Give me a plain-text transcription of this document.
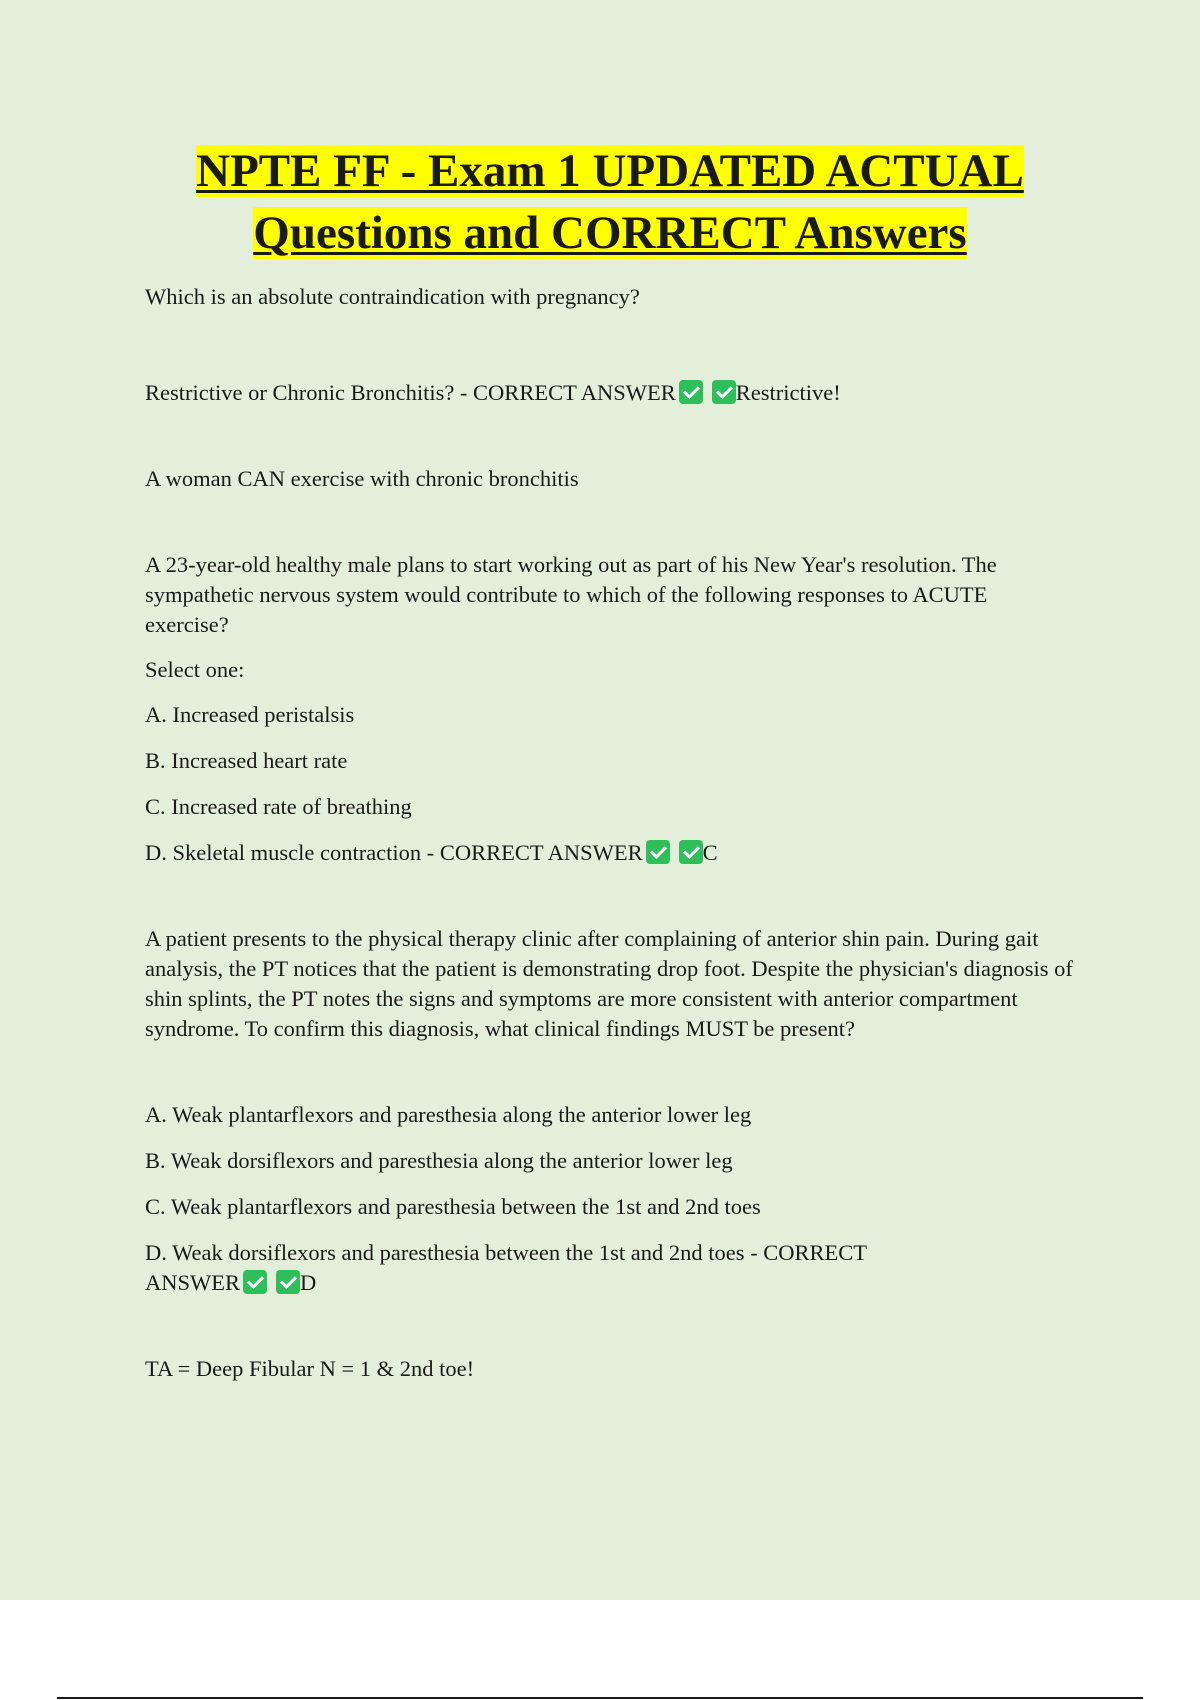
NPTE FF - Exam 1 UPDATED ACTUAL
Questions and CORRECT Answers

Which is an absolute contraindication with pregnancy?

Restrictive or Chronic Bronchitis? - CORRECT ANSWER	Restrictive!

A woman CAN exercise with chronic bronchitis

A 23-year-old healthy male plans to start working out as part of his New Year's resolution. The sympathetic nervous system would contribute to which of the following responses to ACUTE exercise?

Select one:

A. Increased peristalsis

B. Increased heart rate

C. Increased rate of breathing

D. Skeletal muscle contraction - CORRECT ANSWER	C

A patient presents to the physical therapy clinic after complaining of anterior shin pain. During gait analysis, the PT notices that the patient is demonstrating drop foot. Despite the physician's diagnosis of shin splints, the PT notes the signs and symptoms are more consistent with anterior compartment syndrome. To confirm this diagnosis, what clinical findings MUST be present?

A. Weak plantarflexors and paresthesia along the anterior lower leg

B. Weak dorsiflexors and paresthesia along the anterior lower leg

C. Weak plantarflexors and paresthesia between the 1st and 2nd toes

D. Weak dorsiflexors and paresthesia between the 1st and 2nd toes - CORRECT ANSWER	D

TA = Deep Fibular N = 1 & 2nd toe!
